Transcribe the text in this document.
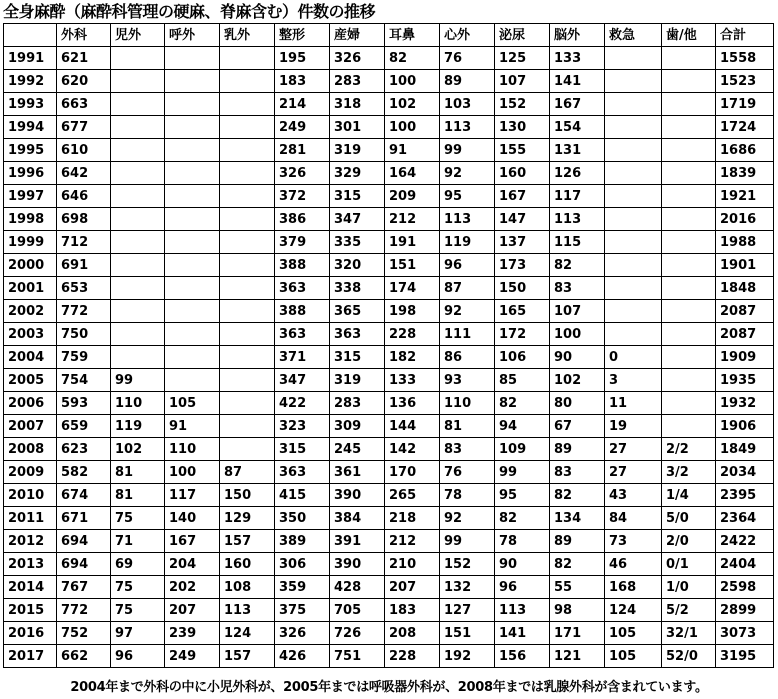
全身麻酔（麻酔科管理の硬麻、脊麻含む）件数の推移
	外科	児外	呼外	乳外	整形	産婦	耳鼻	心外	泌尿	脳外	救急	歯/他	合計
1991	621				195	326	82	76	125	133			1558
1992	620				183	283	100	89	107	141			1523
1993	663				214	318	102	103	152	167			1719
1994	677				249	301	100	113	130	154			1724
1995	610				281	319	91	99	155	131			1686
1996	642				326	329	164	92	160	126			1839
1997	646				372	315	209	95	167	117			1921
1998	698				386	347	212	113	147	113			2016
1999	712				379	335	191	119	137	115			1988
2000	691				388	320	151	96	173	82			1901
2001	653				363	338	174	87	150	83			1848
2002	772				388	365	198	92	165	107			2087
2003	750				363	363	228	111	172	100			2087
2004	759				371	315	182	86	106	90	0		1909
2005	754	99			347	319	133	93	85	102	3		1935
2006	593	110	105		422	283	136	110	82	80	11		1932
2007	659	119	91		323	309	144	81	94	67	19		1906
2008	623	102	110		315	245	142	83	109	89	27	2/2	1849
2009	582	81	100	87	363	361	170	76	99	83	27	3/2	2034
2010	674	81	117	150	415	390	265	78	95	82	43	1/4	2395
2011	671	75	140	129	350	384	218	92	82	134	84	5/0	2364
2012	694	71	167	157	389	391	212	99	78	89	73	2/0	2422
2013	694	69	204	160	306	390	210	152	90	82	46	0/1	2404
2014	767	75	202	108	359	428	207	132	96	55	168	1/0	2598
2015	772	75	207	113	375	705	183	127	113	98	124	5/2	2899
2016	752	97	239	124	326	726	208	151	141	171	105	32/1	3073
2017	662	96	249	157	426	751	228	192	156	121	105	52/0	3195
2004年まで外科の中に小児外科が、2005年までは呼吸器外科が、2008年までは乳腺外科が含まれています。
